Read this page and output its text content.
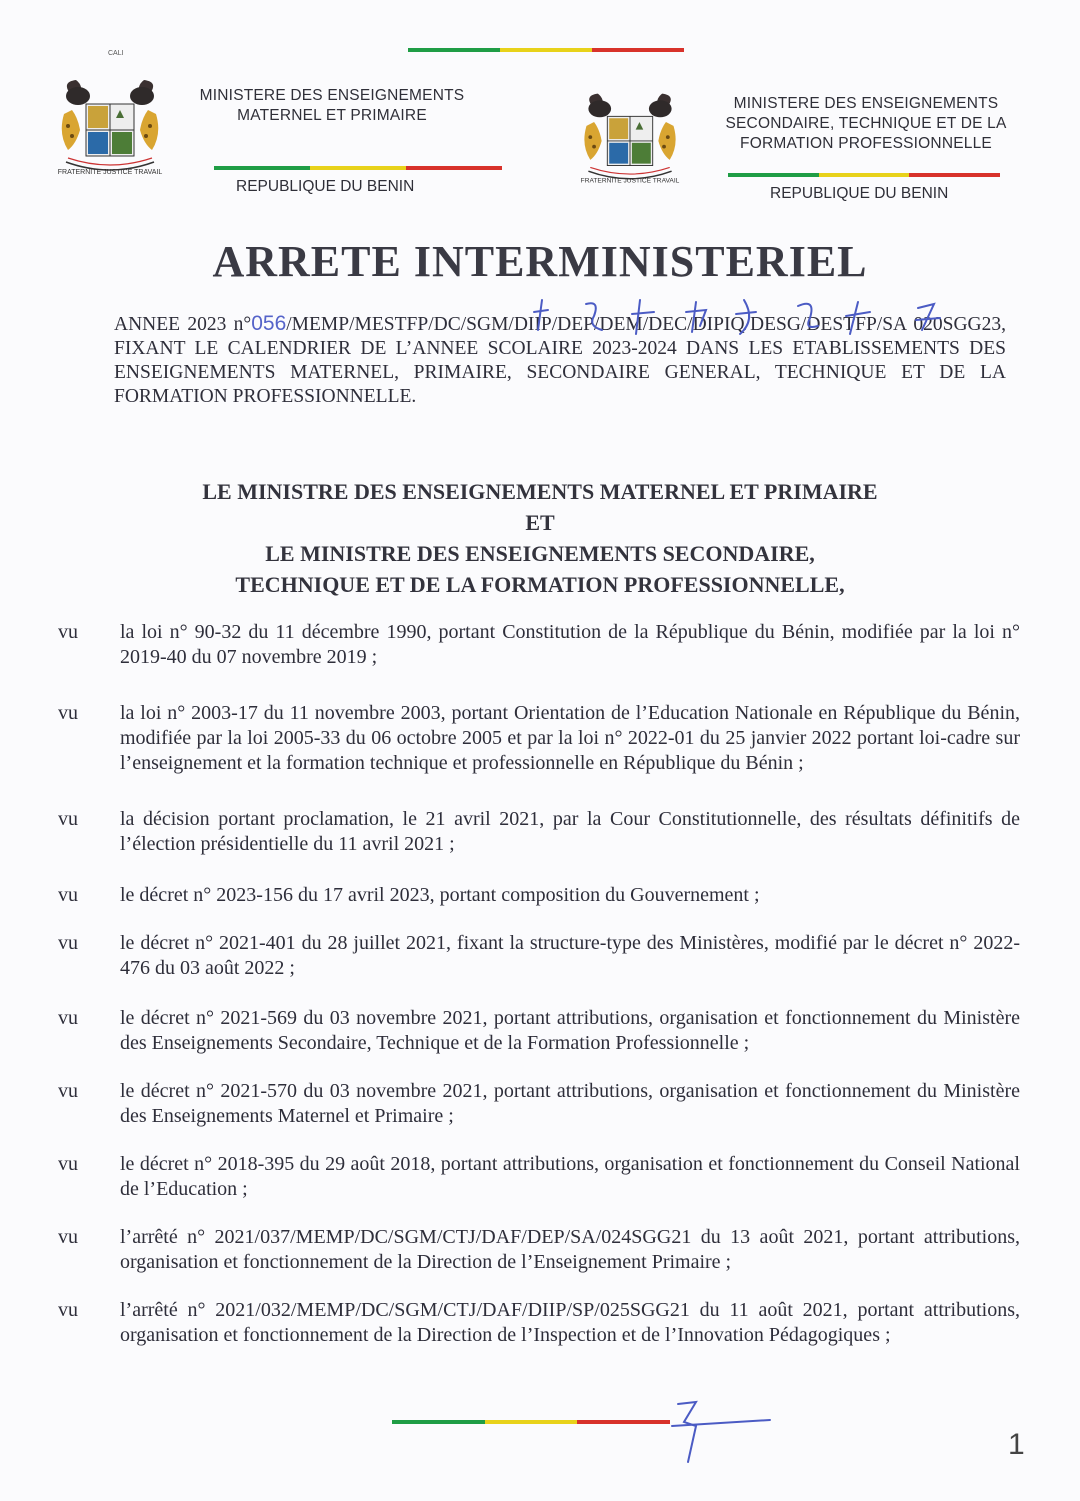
CALI
FRATERNITE JUSTICE TRAVAIL
MINISTERE DES ENSEIGNEMENTS
MATERNEL ET PRIMAIRE
REPUBLIQUE DU BENIN	FRATERNITE JUSTICE TRAVAIL
MINISTERE DES ENSEIGNEMENTS
SECONDAIRE, TECHNIQUE ET DE LA
FORMATION PROFESSIONNELLE
REPUBLIQUE DU BENIN
ARRETE INTERMINISTERIEL
ANNEE 2023 n°056/MEMP/MESTFP/DC/SGM/DIIP/DEP/DEM/DEC/DIPIQ/DESG/DESTFP/SA 020SGG23, FIXANT LE CALENDRIER DE L’ANNEE SCOLAIRE 2023-2024 DANS LES ETABLISSEMENTS DES ENSEIGNEMENTS MATERNEL, PRIMAIRE, SECONDAIRE GENERAL, TECHNIQUE ET DE LA FORMATION PROFESSIONNELLE.
LE MINISTRE DES ENSEIGNEMENTS MATERNEL ET PRIMAIRE
ET
LE MINISTRE DES ENSEIGNEMENTS SECONDAIRE,
TECHNIQUE ET DE LA FORMATION PROFESSIONNELLE,
vu	la loi n° 90-32 du 11 décembre 1990, portant Constitution de la République du Bénin, modifiée par la loi n° 2019-40 du 07 novembre 2019 ;
vu	la loi n° 2003-17 du 11 novembre 2003, portant Orientation de l’Education Nationale en République du Bénin, modifiée par la loi 2005-33 du 06 octobre 2005 et par la loi n° 2022-01 du 25 janvier 2022 portant loi-cadre sur l’enseignement et la formation technique et professionnelle en République du Bénin ;
vu	la décision portant proclamation, le 21 avril 2021, par la Cour Constitutionnelle, des résultats définitifs de l’élection présidentielle du 11 avril 2021 ;
vu	le décret n° 2023-156 du 17 avril 2023, portant composition du Gouvernement ;
vu	le décret n° 2021-401 du 28 juillet 2021, fixant la structure-type des Ministères, modifié par le décret n° 2022-476 du 03 août 2022 ;
vu	le décret n° 2021-569 du 03 novembre 2021, portant attributions, organisation et fonctionnement du Ministère des Enseignements Secondaire, Technique et de la Formation Professionnelle ;
vu	le décret n° 2021-570 du 03 novembre 2021, portant attributions, organisation et fonctionnement du Ministère des Enseignements Maternel et Primaire ;
vu	le décret n° 2018-395 du 29 août 2018, portant attributions, organisation et fonctionnement du Conseil National de l’Education ;
vu	l’arrêté n° 2021/037/MEMP/DC/SGM/CTJ/DAF/DEP/SA/024SGG21 du 13 août 2021, portant attributions, organisation et fonctionnement de la Direction de l’Enseignement Primaire ;
vu	l’arrêté n° 2021/032/MEMP/DC/SGM/CTJ/DAF/DIIP/SP/025SGG21 du 11 août 2021, portant attributions, organisation et fonctionnement de la Direction de l’Inspection et de l’Innovation Pédagogiques ;
1
